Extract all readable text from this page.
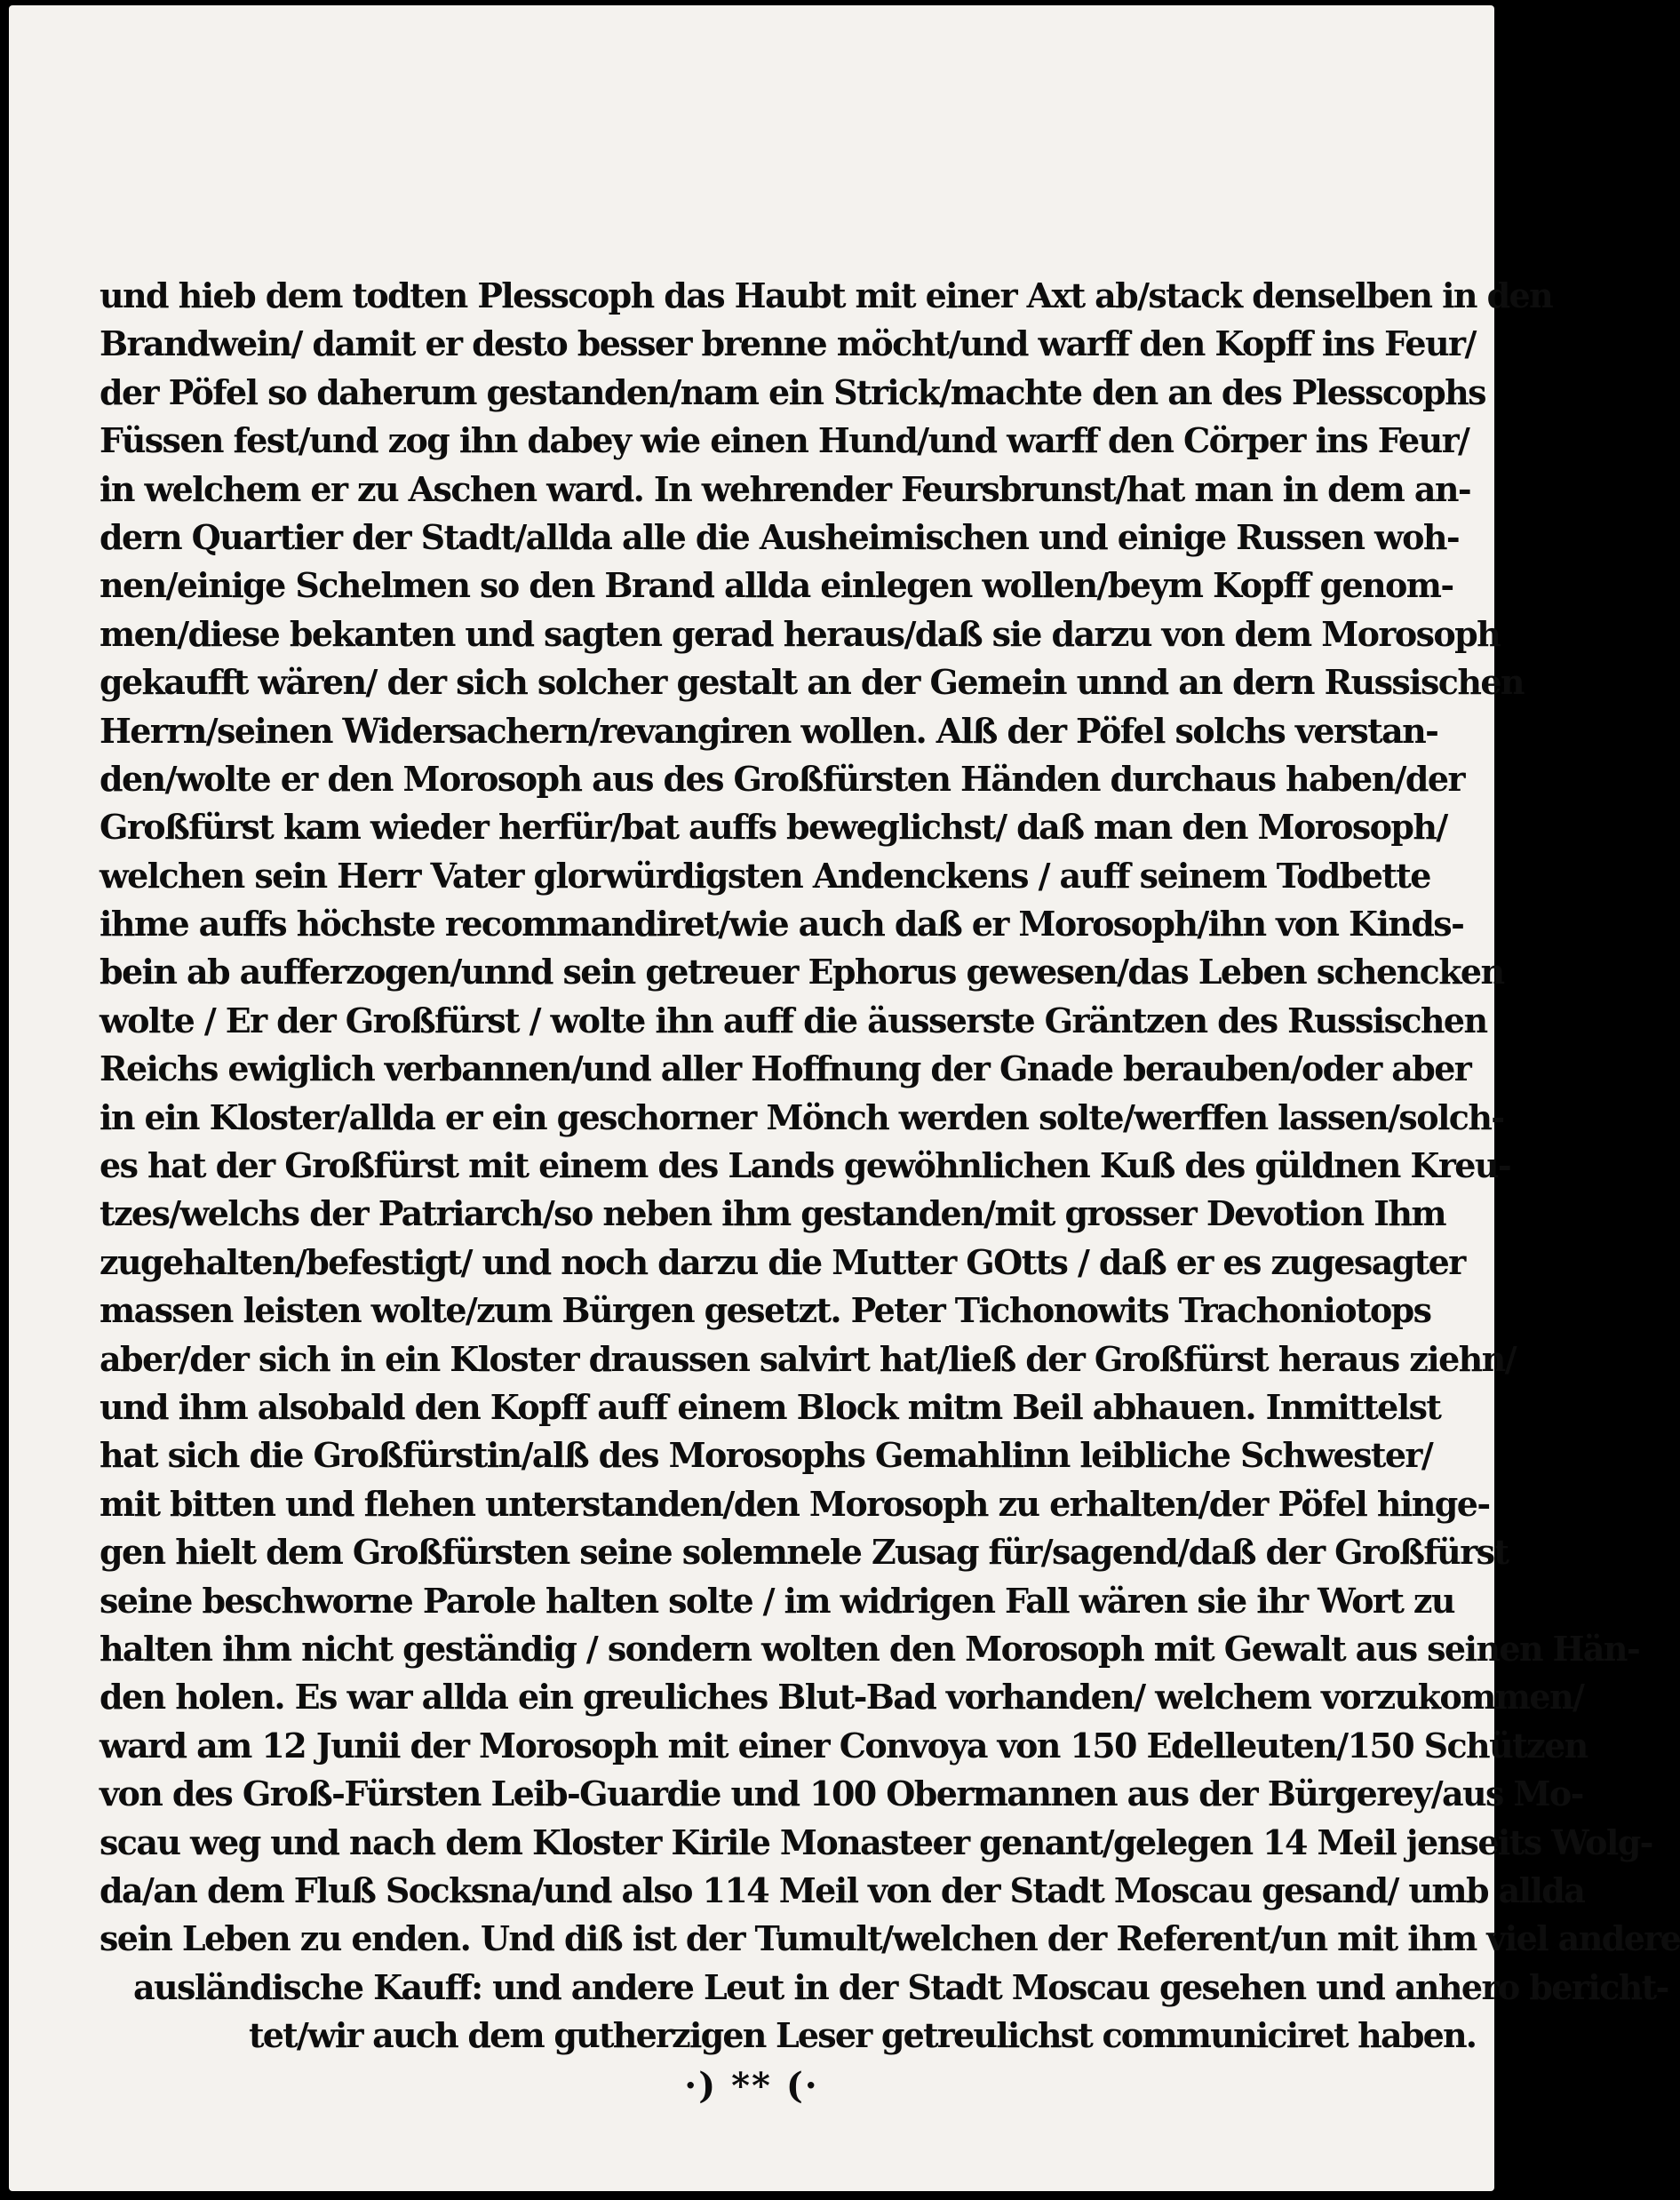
und hieb dem todten Plesscoph das Haubt mit einer Axt ab/stack denselben in den
Brandwein/ damit er desto besser brenne möcht/und warff den Kopff ins Feur/
der Pöfel so daherum gestanden/nam ein Strick/machte den an des Plesscophs
Füssen fest/und zog ihn dabey wie einen Hund/und warff den Cörper ins Feur/
in welchem er zu Aschen ward. In wehrender Feursbrunst/hat man in dem an-
dern Quartier der Stadt/allda alle die Ausheimischen und einige Russen woh-
nen/einige Schelmen so den Brand allda einlegen wollen/beym Kopff genom-
men/diese bekanten und sagten gerad heraus/daß sie darzu von dem Morosoph
gekaufft wären/ der sich solcher gestalt an der Gemein unnd an dern Russischen
Herrn/seinen Widersachern/revangiren wollen. Alß der Pöfel solchs verstan-
den/wolte er den Morosoph aus des Großfürsten Händen durchaus haben/der
Großfürst kam wieder herfür/bat auffs beweglichst/ daß man den Morosoph/
welchen sein Herr Vater glorwürdigsten Andenckens / auff seinem Todbette
ihme auffs höchste recommandiret/wie auch daß er Morosoph/ihn von Kinds-
bein ab aufferzogen/unnd sein getreuer Ephorus gewesen/das Leben schencken
wolte / Er der Großfürst / wolte ihn auff die äusserste Gräntzen des Russischen
Reichs ewiglich verbannen/und aller Hoffnung der Gnade berauben/oder aber
in ein Kloster/allda er ein geschorner Mönch werden solte/werffen lassen/solch-
es hat der Großfürst mit einem des Lands gewöhnlichen Kuß des güldnen Kreu-
tzes/welchs der Patriarch/so neben ihm gestanden/mit grosser Devotion Ihm
zugehalten/befestigt/ und noch darzu die Mutter GOtts / daß er es zugesagter
massen leisten wolte/zum Bürgen gesetzt. Peter Tichonowits Trachoniotops
aber/der sich in ein Kloster draussen salvirt hat/ließ der Großfürst heraus ziehn/
und ihm alsobald den Kopff auff einem Block mitm Beil abhauen. Inmittelst
hat sich die Großfürstin/alß des Morosophs Gemahlinn leibliche Schwester/
mit bitten und flehen unterstanden/den Morosoph zu erhalten/der Pöfel hinge-
gen hielt dem Großfürsten seine solemnele Zusag für/sagend/daß der Großfürst
seine beschworne Parole halten solte / im widrigen Fall wären sie ihr Wort zu
halten ihm nicht geständig / sondern wolten den Morosoph mit Gewalt aus seinen Hän-
den holen. Es war allda ein greuliches Blut-Bad vorhanden/ welchem vorzukommen/
ward am 12 Junii der Morosoph mit einer Convoya von 150 Edelleuten/150 Schützen
von des Groß-Fürsten Leib-Guardie und 100 Obermannen aus der Bürgerey/aus Mo-
scau weg und nach dem Kloster Kirile Monasteer genant/gelegen 14 Meil jenseits Wolg-
da/an dem Fluß Socksna/und also 114 Meil von der Stadt Moscau gesand/ umb allda
sein Leben zu enden. Und diß ist der Tumult/welchen der Referent/un mit ihm viel andere
ausländische Kauff: und andere Leut in der Stadt Moscau gesehen und anhero bericht-
tet/wir auch dem gutherzigen Leser getreulichst communiciret haben.
·) ** (·
